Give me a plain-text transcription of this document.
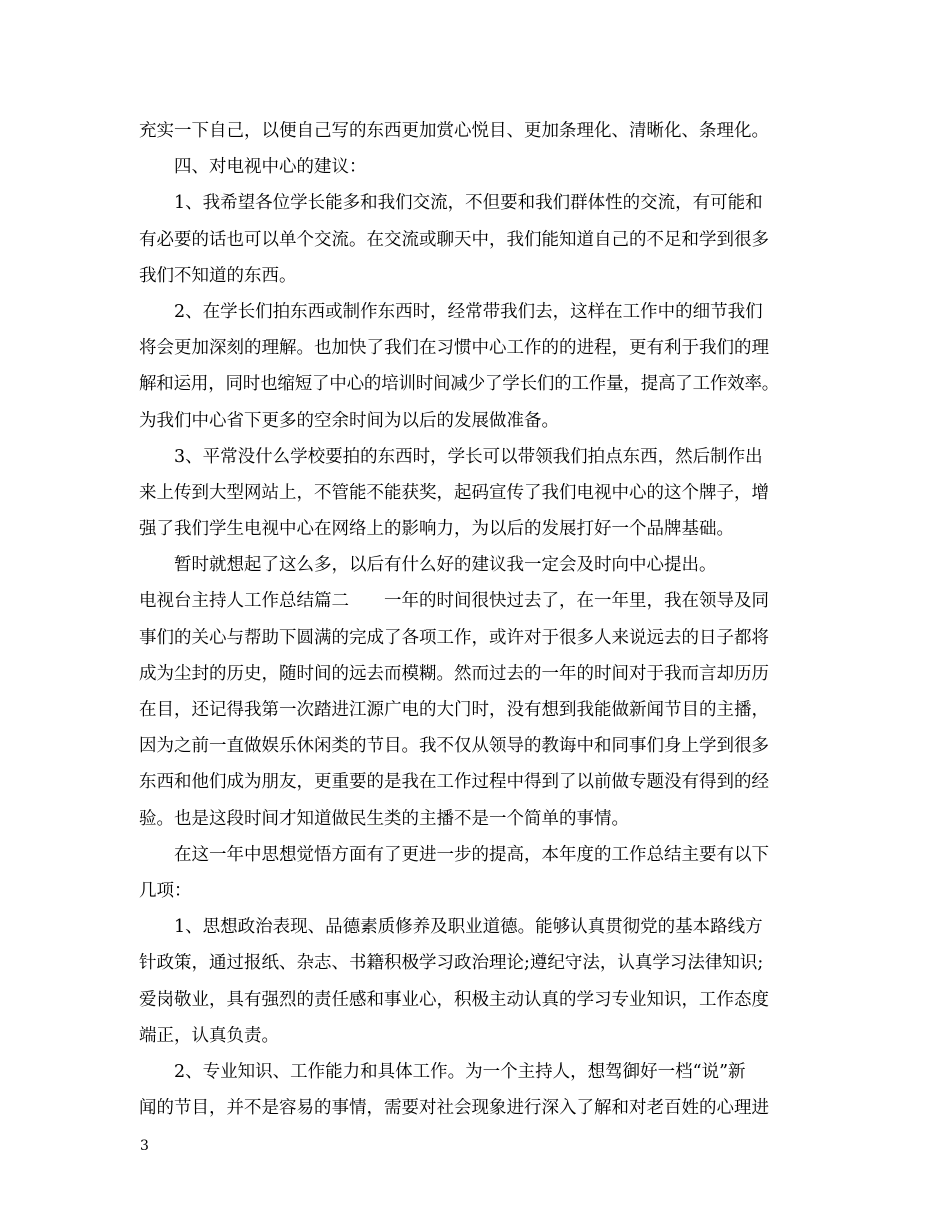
充实一下自己，以便自己写的东西更加赏心悦目、更加条理化、清晰化、条理化。
四、对电视中心的建议：
1、我希望各位学长能多和我们交流，不但要和我们群体性的交流，有可能和
有必要的话也可以单个交流。在交流或聊天中，我们能知道自己的不足和学到很多
我们不知道的东西。
2、在学长们拍东西或制作东西时，经常带我们去，这样在工作中的细节我们
将会更加深刻的理解。也加快了我们在习惯中心工作的的进程，更有利于我们的理
解和运用，同时也缩短了中心的培训时间减少了学长们的工作量，提高了工作效率。
为我们中心省下更多的空余时间为以后的发展做准备。
3、平常没什么学校要拍的东西时，学长可以带领我们拍点东西，然后制作出
来上传到大型网站上，不管能不能获奖，起码宣传了我们电视中心的这个牌子，增
强了我们学生电视中心在网络上的影响力，为以后的发展打好一个品牌基础。
暂时就想起了这么多，以后有什么好的建议我一定会及时向中心提出。
电视台主持人工作总结篇二　　一年的时间很快过去了，在一年里，我在领导及同
事们的关心与帮助下圆满的完成了各项工作，或许对于很多人来说远去的日子都将
成为尘封的历史，随时间的远去而模糊。然而过去的一年的时间对于我而言却历历
在目，还记得我第一次踏进江源广电的大门时，没有想到我能做新闻节目的主播，
因为之前一直做娱乐休闲类的节目。我不仅从领导的教诲中和同事们身上学到很多
东西和他们成为朋友，更重要的是我在工作过程中得到了以前做专题没有得到的经
验。也是这段时间才知道做民生类的主播不是一个简单的事情。
在这一年中思想觉悟方面有了更进一步的提高，本年度的工作总结主要有以下
几项：
1、思想政治表现、品德素质修养及职业道德。能够认真贯彻党的基本路线方
针政策，通过报纸、杂志、书籍积极学习政治理论;遵纪守法，认真学习法律知识;
爱岗敬业，具有强烈的责任感和事业心，积极主动认真的学习专业知识，工作态度
端正，认真负责。
2、专业知识、工作能力和具体工作。为一个主持人，想驾御好一档“说”新
闻的节目，并不是容易的事情，需要对社会现象进行深入了解和对老百姓的心理进
3
